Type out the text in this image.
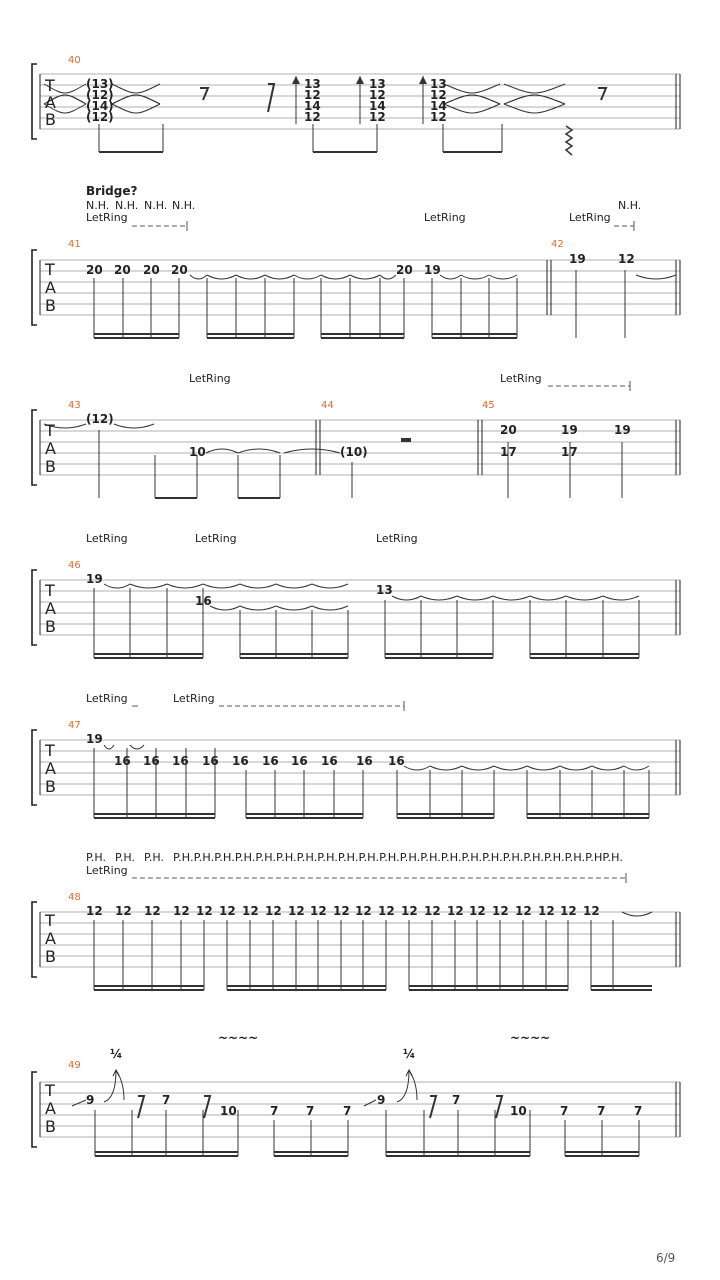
12 12 12 12 12 12 12 12 12 12 12 12 12 12 12 12 12 12 12 12 12 12
40
T
A
B
(13)
(12)
(14)
(12)
13
12
14
12
13
12
14
12
13
12
14
12
Bridge?
N.H. N.H. N.H. N.H.
LetRing	LetRing	LetRing
N.H.
41	42
T
A
B
20 20 20 20	20 19
19	12
LetRing	LetRing
43	44	45
T
A
B
(12)
10	(10)
20	19	19
17	17
LetRing	LetRing	LetRing
46
T
A
B
19
16
13
LetRing	LetRing
47
T
A
B
19
16 16 16 16 16 16 16 16 16 16
P.H. P.H. P.H. P.H.P.H.P.H.P.H.P.H.P.H.P.H.P.H.P.H.P.H.P.H.P.H.P.H.P.H.P.H.P.H.P.H.P.H.P.H.P.H.P.HP.H.
LetRing
48
T
A
B
49
T
A
B
¼	¼
~~~~	~~~~
9	7
10	7 7 7
9	7
10	7 7 7
6/9
